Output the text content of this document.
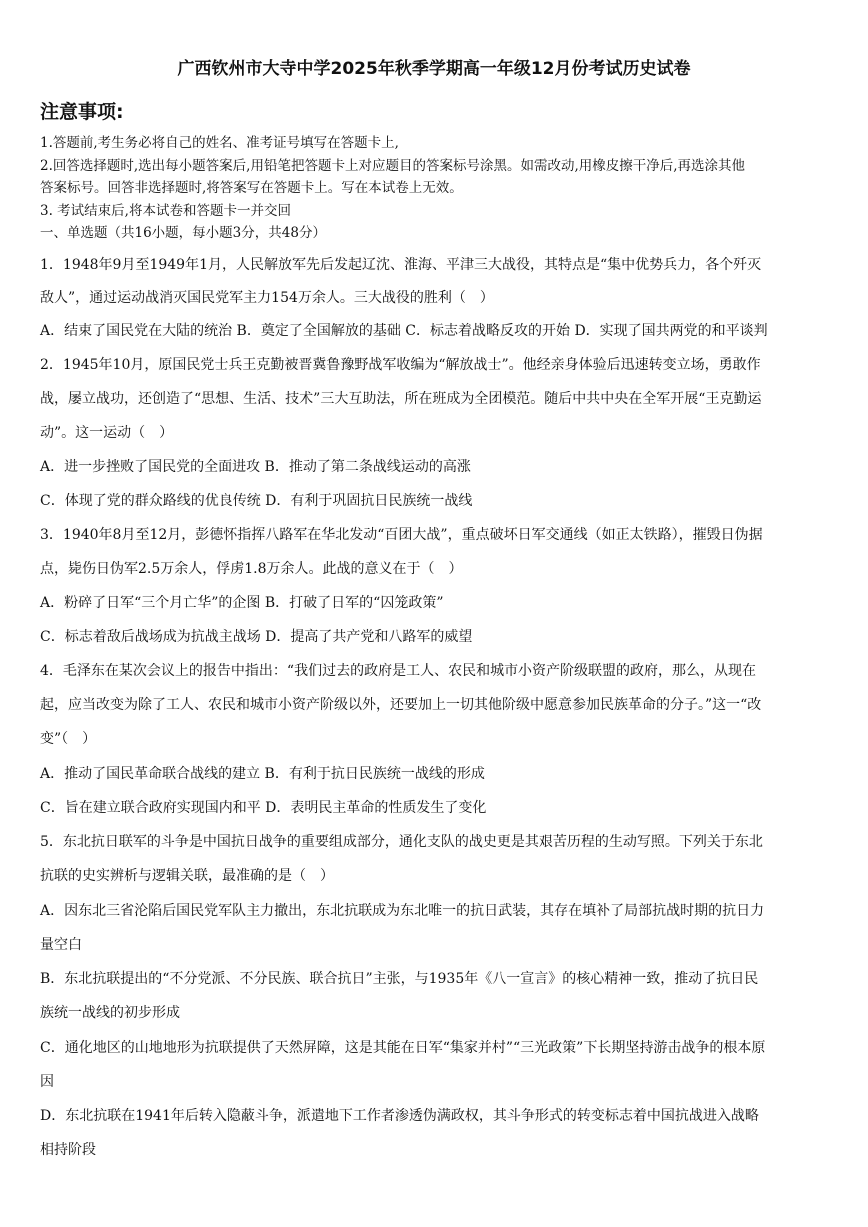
广西钦州市大寺中学2025年秋季学期高一年级12月份考试历史试卷
注意事项:
1.答题前,考生务必将自己的姓名、准考证号填写在答题卡上,
2.回答选择题时,选出每小题答案后,用铅笔把答题卡上对应题目的答案标号涂黑。如需改动,用橡皮擦干净后,再选涂其他
答案标号。回答非选择题时,将答案写在答题卡上。写在本试卷上无效。
3. 考试结束后,将本试卷和答题卡一并交回
一、单选题（共16小题，每小题3分，共48分）
1．1948年9月至1949年1月，人民解放军先后发起辽沈、淮海、平津三大战役，其特点是“集中优势兵力，各个歼灭
敌人”，通过运动战消灭国民党军主力154万余人。三大战役的胜利（　）
A．结束了国民党在大陆的统治 B．奠定了全国解放的基础 C．标志着战略反攻的开始 D．实现了国共两党的和平谈判
2．1945年10月，原国民党士兵王克勤被晋冀鲁豫野战军收编为“解放战士”。他经亲身体验后迅速转变立场，勇敢作
战，屡立战功，还创造了“思想、生活、技术”三大互助法，所在班成为全团模范。随后中共中央在全军开展“王克勤运
动”。这一运动（　）
A．进一步挫败了国民党的全面进攻 B．推动了第二条战线运动的高涨
C．体现了党的群众路线的优良传统 D．有利于巩固抗日民族统一战线
3．1940年8月至12月，彭德怀指挥八路军在华北发动“百团大战”，重点破坏日军交通线（如正太铁路），摧毁日伪据
点，毙伤日伪军2.5万余人，俘虏1.8万余人。此战的意义在于（　）
A．粉碎了日军“三个月亡华”的企图 B．打破了日军的“囚笼政策”
C．标志着敌后战场成为抗战主战场 D．提高了共产党和八路军的威望
4．毛泽东在某次会议上的报告中指出：“我们过去的政府是工人、农民和城市小资产阶级联盟的政府，那么，从现在
起，应当改变为除了工人、农民和城市小资产阶级以外，还要加上一切其他阶级中愿意参加民族革命的分子。”这一“改
变”（　）
A．推动了国民革命联合战线的建立 B．有利于抗日民族统一战线的形成
C．旨在建立联合政府实现国内和平 D．表明民主革命的性质发生了变化
5．东北抗日联军的斗争是中国抗日战争的重要组成部分，通化支队的战史更是其艰苦历程的生动写照。下列关于东北
抗联的史实辨析与逻辑关联，最准确的是（　）
A．因东北三省沦陷后国民党军队主力撤出，东北抗联成为东北唯一的抗日武装，其存在填补了局部抗战时期的抗日力
量空白
B．东北抗联提出的“不分党派、不分民族、联合抗日”主张，与1935年《八一宣言》的核心精神一致，推动了抗日民
族统一战线的初步形成
C．通化地区的山地地形为抗联提供了天然屏障，这是其能在日军“集家并村”“三光政策”下长期坚持游击战争的根本原
因
D．东北抗联在1941年后转入隐蔽斗争，派遣地下工作者渗透伪满政权，其斗争形式的转变标志着中国抗战进入战略
相持阶段
